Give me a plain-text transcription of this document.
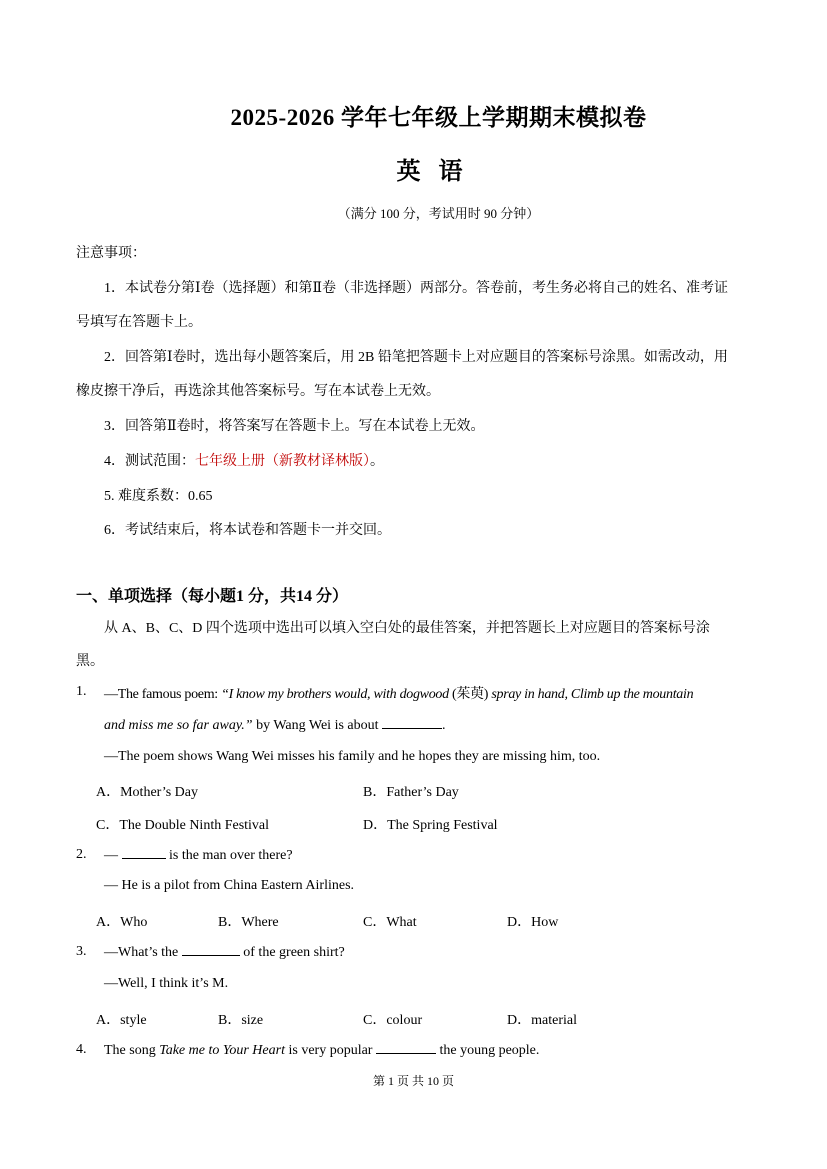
2025-2026 学年七年级上学期期末模拟卷
英语
（满分 100 分，考试用时 90 分钟）
注意事项：
1．本试卷分第Ⅰ卷（选择题）和第Ⅱ卷（非选择题）两部分。答卷前，考生务必将自己的姓名、准考证
号填写在答题卡上。
2．回答第Ⅰ卷时，选出每小题答案后，用 2B 铅笔把答题卡上对应题目的答案标号涂黑。如需改动，用
橡皮擦干净后，再选涂其他答案标号。写在本试卷上无效。
3．回答第Ⅱ卷时，将答案写在答题卡上。写在本试卷上无效。
4．测试范围：七年级上册（新教材译林版）。
5. 难度系数：0.65
6．考试结束后，将本试卷和答题卡一并交回。
一、单项选择（每小题1 分，共14 分）
从 A、B、C、D 四个选项中选出可以填入空白处的最佳答案，并把答题长上对应题目的答案标号涂
黑。
1. —The famous poem: “I know my brothers would, with dogwood (茱萸) spray in hand, Climb up the mountain
and miss me so far away.” by Wang Wei is about	.
—The poem shows Wang Wei misses his family and he hopes they are missing him, too.
A．Mother’s Day	B．Father’s Day
C．The Double Ninth Festival	D．The Spring Festival
2. —	is the man over there?
— He is a pilot from China Eastern Airlines.
A．Who	B．Where	C．What	D．How
3. —What’s the	of the green shirt?
—Well, I think it’s M.
A．style	B．size	C．colour	D．material
4. The song Take me to Your Heart is very popular	the young people.
第 1 页 共 10 页
